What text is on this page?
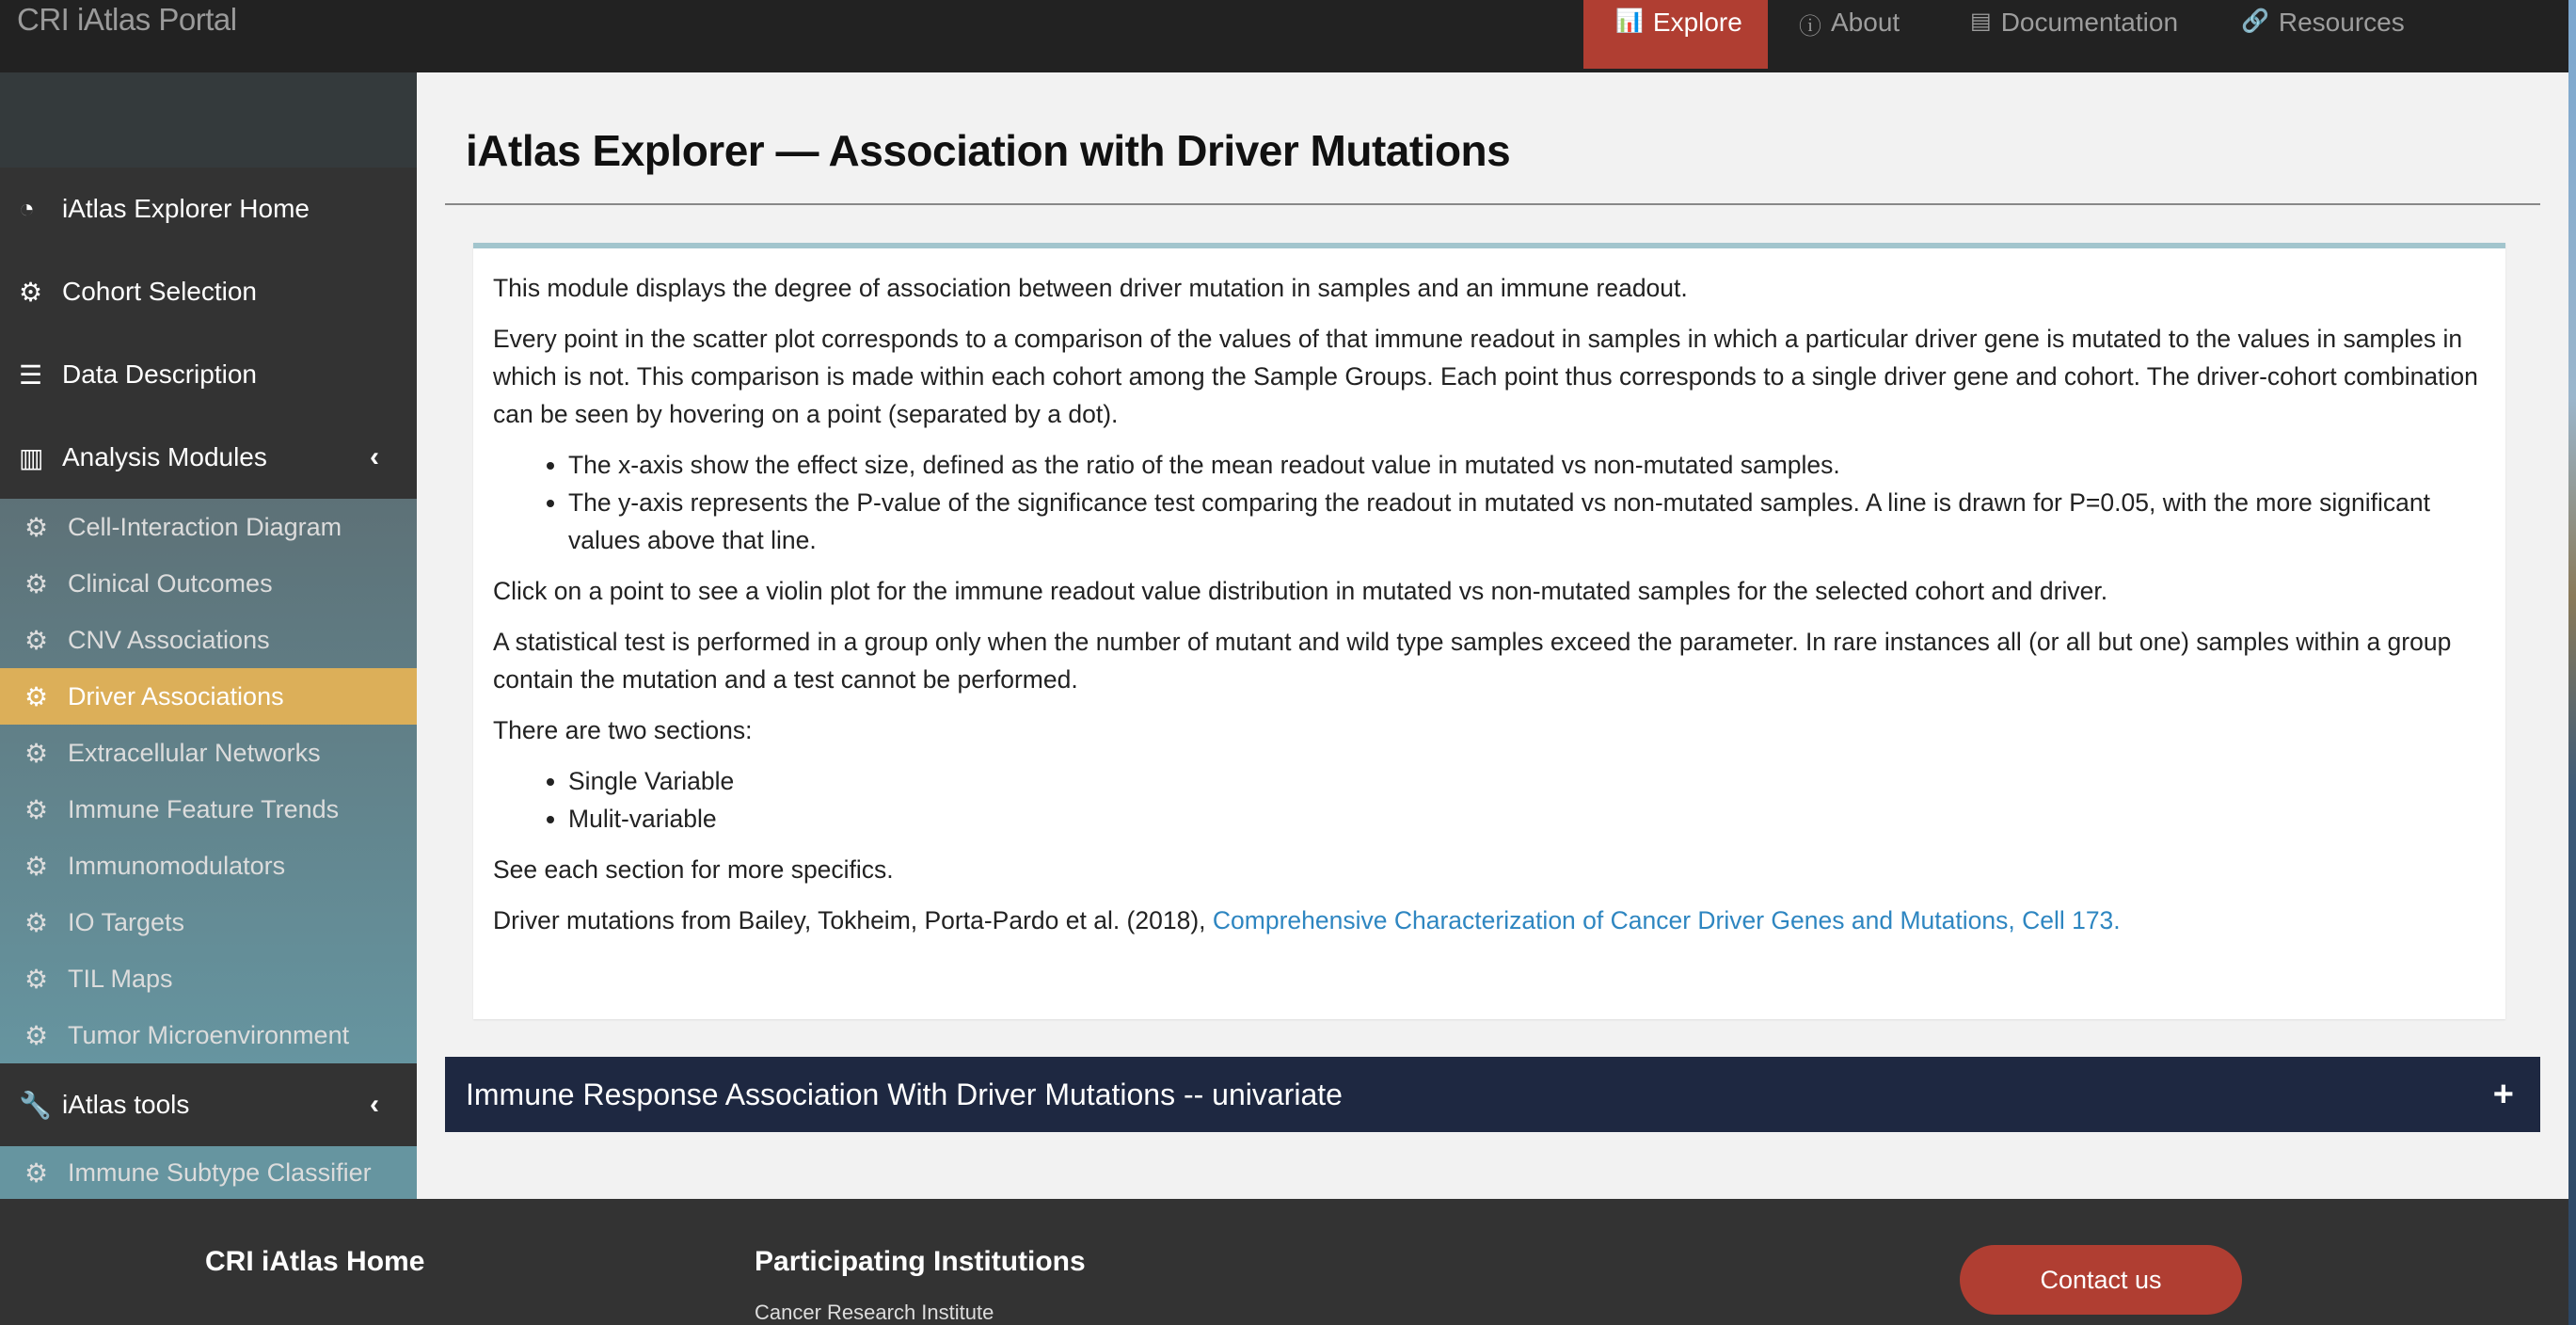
CRI iAtlas Portal	📊 Explore	ⓘ About	▤ Documentation	🔗 Resources
◔	iAtlas Explorer Home
⚙ Cohort Selection
☰ Data Description
▥ Analysis Modules	‹
⚙ Cell-Interaction Diagram
⚙ Clinical Outcomes
⚙ CNV Associations
⚙ Driver Associations
⚙ Extracellular Networks
⚙ Immune Feature Trends
⚙ Immunomodulators
⚙ IO Targets
⚙ TIL Maps
⚙ Tumor Microenvironment
🔧 iAtlas tools	‹
⚙ Immune Subtype Classifier
iAtlas Explorer — Association with Driver Mutations

This module displays the degree of association between driver mutation in samples and an immune readout.

Every point in the scatter plot corresponds to a comparison of the values of that immune readout in samples in which a particular driver gene is mutated to the values in samples in which is not. This comparison is made within each cohort among the Sample Groups. Each point thus corresponds to a single driver gene and cohort. The driver-cohort combination can be seen by hovering on a point (separated by a dot).

• The x-axis show the effect size, defined as the ratio of the mean readout value in mutated vs non-mutated samples.
• The y-axis represents the P-value of the significance test comparing the readout in mutated vs non-mutated samples. A line is drawn for P=0.05, with the more significant values above that line.

Click on a point to see a violin plot for the immune readout value distribution in mutated vs non-mutated samples for the selected cohort and driver.

A statistical test is performed in a group only when the number of mutant and wild type samples exceed the parameter. In rare instances all (or all but one) samples within a group contain the mutation and a test cannot be performed.

There are two sections:

• Single Variable
• Mulit-variable

See each section for more specifics.

Driver mutations from Bailey, Tokheim, Porta-Pardo et al. (2018), Comprehensive Characterization of Cancer Driver Genes and Mutations, Cell 173.

Immune Response Association With Driver Mutations -- univariate	+
CRI iAtlas Home	Participating Institutions
Cancer Research Institute
Contact us
